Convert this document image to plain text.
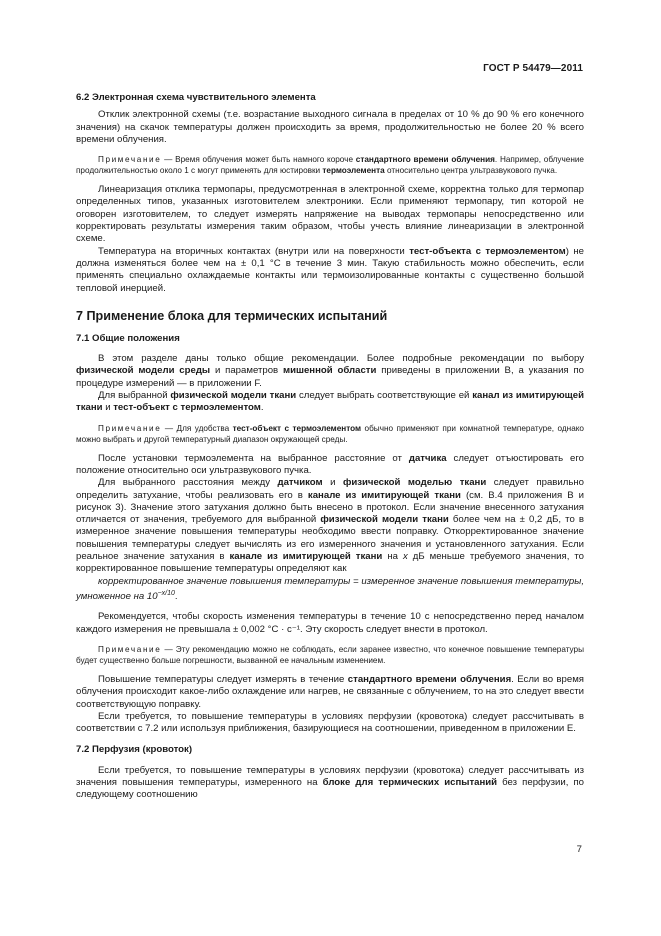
ГОСТ Р 54479—2011
6.2 Электронная схема чувствительного элемента

Отклик электронной схемы (т.е. возрастание выходного сигнала в пределах от 10 % до 90 % его конечного значения) на скачок температуры должен происходить за время, продолжительностью не более 20 % всего времени облучения.

Примечание — Время облучения может быть намного короче стандартного времени облучения. Например, облучение продолжительностью около 1 с могут применять для юстировки термоэлемента относительно центра ультразвукового пучка.

Линеаризация отклика термопары, предусмотренная в электронной схеме, корректна только для термопар определенных типов, указанных изготовителем электроники. Если применяют термопару, тип которой не оговорен изготовителем, то следует измерять напряжение на выводах термопары непосредственно или корректировать результаты измерения таким образом, чтобы учесть влияние линеаризации в электронной схеме.

Температура на вторичных контактах (внутри или на поверхности тест-объекта с термоэлементом) не должна изменяться более чем на ± 0,1 °С в течение 3 мин. Такую стабильность можно обеспечить, если применять специально охлаждаемые контакты или термоизолированные контакты с существенно большой тепловой инерцией.

7 Применение блока для термических испытаний
7.1 Общие положения

В этом разделе даны только общие рекомендации. Более подробные рекомендации по выбору физической модели среды и параметров мишенной области приведены в приложении В, а указания по процедуре измерений — в приложении F.

Для выбранной физической модели ткани следует выбрать соответствующие ей канал из имитирующей ткани и тест-объект с термоэлементом.

Примечание — Для удобства тест-объект с термоэлементом обычно применяют при комнатной температуре, однако можно выбрать и другой температурный диапазон окружающей среды.

После установки термоэлемента на выбранное расстояние от датчика следует отъюстировать его положение относительно оси ультразвукового пучка.

Для выбранного расстояния между датчиком и физической моделью ткани следует правильно определить затухание, чтобы реализовать его в канале из имитирующей ткани (см. В.4 приложения В и рисунок 3). Значение этого затухания должно быть внесено в протокол. Если значение внесенного затухания отличается от значения, требуемого для выбранной физической модели ткани более чем на ± 0,2 дБ, то в измеренное значение повышения температуры необходимо ввести поправку. Откорректированное значение повышения температуры следует вычислять из его измеренного значения и установленного затухания. Если реальное значение затухания в канале из имитирующей ткани на x дБ меньше требуемого значения, то корректированное повышение температуры определяют как

корректированное значение повышения температуры = измеренное значение повышения температуры, умноженное на $10^{-x/10}$.

Рекомендуется, чтобы скорость изменения температуры в течение 10 с непосредственно перед началом каждого измерения не превышала ± 0,002 °С · с⁻¹. Эту скорость следует внести в протокол.

Примечание — Эту рекомендацию можно не соблюдать, если заранее известно, что конечное повышение температуры будет существенно больше погрешности, вызванной ее начальным изменением.

Повышение температуры следует измерять в течение стандартного времени облучения. Если во время облучения происходит какое-либо охлаждение или нагрев, не связанные с облучением, то на это следует ввести соответствующую поправку.

Если требуется, то повышение температуры в условиях перфузии (кровотока) следует рассчитывать в соответствии с 7.2 или используя приближения, базирующиеся на соотношении, приведенном в приложении Е.

7.2 Перфузия (кровоток)

Если требуется, то повышение температуры в условиях перфузии (кровотока) следует рассчитывать из значения повышения температуры, измеренного на блоке для термических испытаний без перфузии, по следующему соотношению

7
